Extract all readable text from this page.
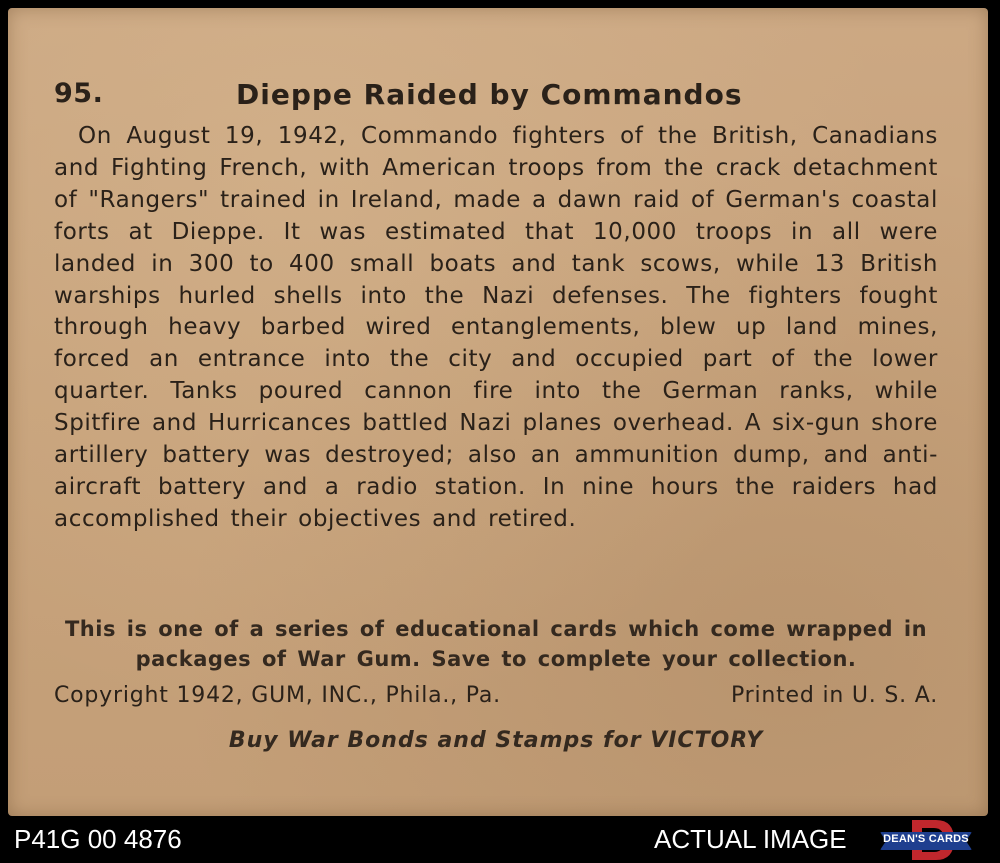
95.	Dieppe Raided by Commandos

On August 19, 1942, Commando fighters of the British, Canadians and Fighting French, with American troops from the crack detachment of "Rangers" trained in Ireland, made a dawn raid of German's coastal forts at Dieppe. It was estimated that 10,000 troops in all were landed in 300 to 400 small boats and tank scows, while 13 British warships hurled shells into the Nazi defenses. The fighters fought through heavy barbed wired entanglements, blew up land mines, forced an entrance into the city and occupied part of the lower quarter. Tanks poured cannon fire into the German ranks, while Spitfire and Hurricances battled Nazi planes overhead. A six-gun shore artillery battery was destroyed; also an ammunition dump, and anti-aircraft battery and a radio station. In nine hours the raiders had accomplished their objectives and retired.

This is one of a series of educational cards which come wrapped in packages of War Gum. Save to complete your collection.

Copyright 1942, GUM, INC., Phila., Pa.	Printed in U. S. A.
Buy War Bonds and Stamps for VICTORY
P41G 00 4876	ACTUAL IMAGE	DEAN'S CARDS
